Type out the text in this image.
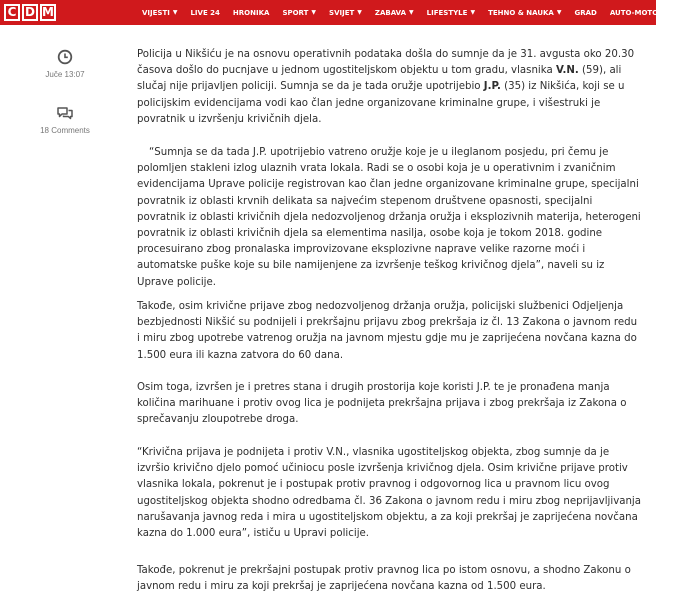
C D M	VIJESTI ▼ LIVE 24 HRONIKA SPORT ▼ SVIJET ▼ ZABAVA ▼ LIFESTYLE ▼ TEHNO & NAUKA ▼ GRAD AUTO-MOTO ▼
Juče 13:07
18 Comments
Policija u Nikšiću je na osnovu operativnih podataka došla do sumnje da je 31. avgusta oko 20.30 časova došlo do pucnjave u jednom ugostiteljskom objektu u tom gradu, vlasnika V.N. (59), ali slučaj nije prijavljen policiji. Sumnja se da je tada oružje upotrijebio J.P. (35) iz Nikšića, koji se u policijskim evidencijama vodi kao član jedne organizovane kriminalne grupe, i višestruki je povratnik u izvršenju krivičnih djela.
“Sumnja se da tada J.P. upotrijebio vatreno oružje koje je u ileglanom posjedu, pri čemu je polomljen stakleni izlog ulaznih vrata lokala. Radi se o osobi koja je u operativnim i zvaničnim evidencijama Uprave policije registrovan kao član jedne organizovane kriminalne grupe, specijalni povratnik iz oblasti krvnih delikata sa najvećim stepenom društvene opasnosti, specijalni povratnik iz oblasti krivičnih djela nedozvoljenog držanja oružja i eksplozivnih materija, heterogeni povratnik iz oblasti krivičnih djela sa elementima nasilja, osobe koja je tokom 2018. godine procesuirano zbog pronalaska improvizovane eksplozivne naprave velike razorne moći i automatske puške koje su bile namijenjene za izvršenje teškog krivičnog djela”, naveli su iz Uprave policije.
Takođe, osim krivične prijave zbog nedozvoljenog držanja oružja, policijski službenici Odjeljenja bezbjednosti Nikšić su podnijeli i prekršajnu prijavu zbog prekršaja iz čl. 13 Zakona o javnom redu i miru zbog upotrebe vatrenog oružja na javnom mjestu gdje mu je zaprijećena novčana kazna do 1.500 eura ili kazna zatvora do 60 dana.
Osim toga, izvršen je i pretres stana i drugih prostorija koje koristi J.P. te je pronađena manja količina marihuane i protiv ovog lica je podnijeta prekršajna prijava i zbog prekršaja iz Zakona o sprečavanju zloupotrebe droga.
“Krivična prijava je podnijeta i protiv V.N., vlasnika ugostiteljskog objekta, zbog sumnje da je izvršio krivično djelo pomoć učiniocu posle izvršenja krivičnog djela. Osim krivične prijave protiv vlasnika lokala, pokrenut je i postupak protiv pravnog i odgovornog lica u pravnom licu ovog ugostiteljskog objekta shodno odredbama čl. 36 Zakona o javnom redu i miru zbog neprijavljivanja narušavanja javnog reda i mira u ugostiteljskom objektu, a za koji prekršaj je zaprijećena novčana kazna do 1.000 eura”, ističu u Upravi policije.
Takođe, pokrenut je prekršajni postupak protiv pravnog lica po istom osnovu, a shodno Zakonu o javnom redu i miru za koji prekršaj je zaprijećena novčana kazna od 1.500 eura.
